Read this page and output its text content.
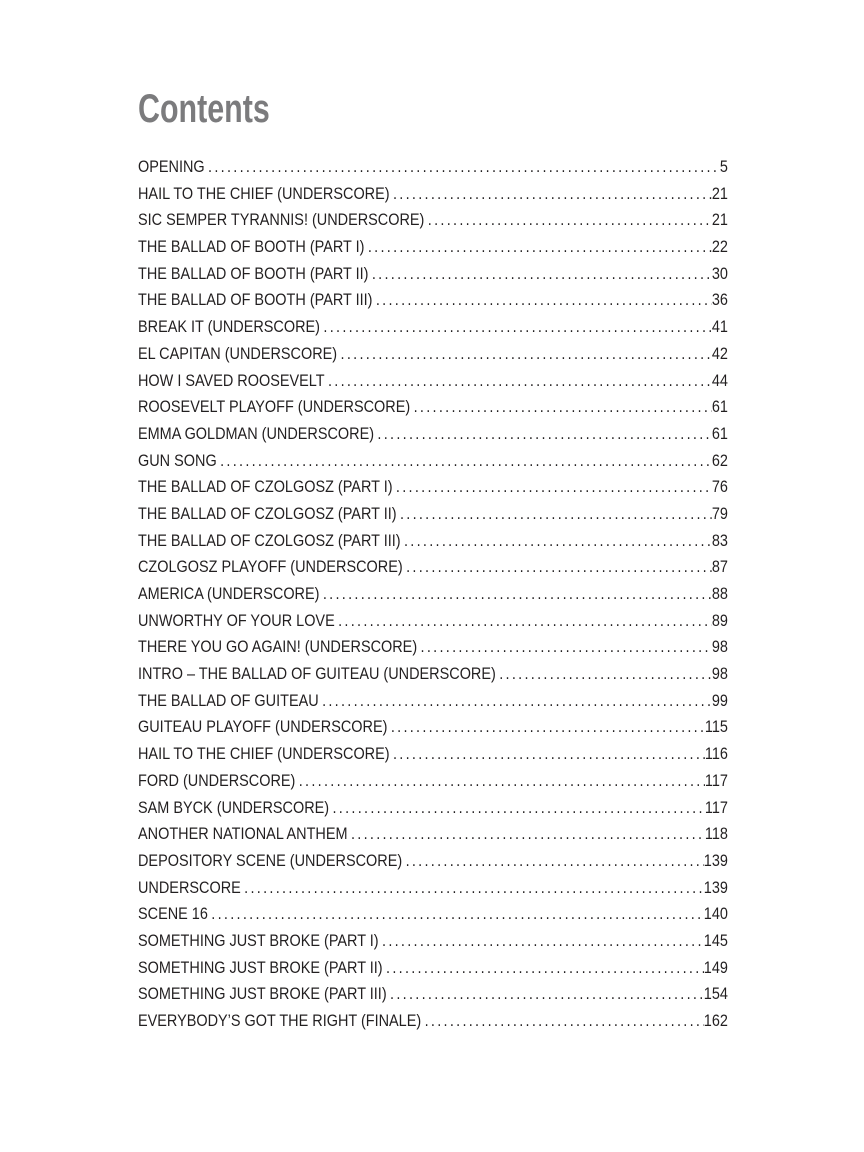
Contents
OPENING .....	5
HAIL TO THE CHIEF (UNDERSCORE) .....	21
SIC SEMPER TYRANNIS! (UNDERSCORE) .....	21
THE BALLAD OF BOOTH (PART I) .....	22
THE BALLAD OF BOOTH (PART II) .....	30
THE BALLAD OF BOOTH (PART III) .....	36
BREAK IT (UNDERSCORE) .....	41
EL CAPITAN (UNDERSCORE) .....	42
HOW I SAVED ROOSEVELT .....	44
ROOSEVELT PLAYOFF (UNDERSCORE) .....	61
EMMA GOLDMAN (UNDERSCORE) .....	61
GUN SONG .....	62
THE BALLAD OF CZOLGOSZ (PART I) .....	76
THE BALLAD OF CZOLGOSZ (PART II) .....	79
THE BALLAD OF CZOLGOSZ (PART III) .....	83
CZOLGOSZ PLAYOFF (UNDERSCORE) .....	87
AMERICA (UNDERSCORE) .....	88
UNWORTHY OF YOUR LOVE .....	89
THERE YOU GO AGAIN! (UNDERSCORE) .....	98
INTRO – THE BALLAD OF GUITEAU (UNDERSCORE) .....	98
THE BALLAD OF GUITEAU .....	99
GUITEAU PLAYOFF (UNDERSCORE) .....	115
HAIL TO THE CHIEF (UNDERSCORE) .....	116
FORD (UNDERSCORE) .....	117
SAM BYCK (UNDERSCORE) .....	117
ANOTHER NATIONAL ANTHEM .....	118
DEPOSITORY SCENE (UNDERSCORE) .....	139
UNDERSCORE .....	139
SCENE 16 .....	140
SOMETHING JUST BROKE (PART I) .....	145
SOMETHING JUST BROKE (PART II) .....	149
SOMETHING JUST BROKE (PART III) .....	154
EVERYBODY’S GOT THE RIGHT (FINALE) .....	162
